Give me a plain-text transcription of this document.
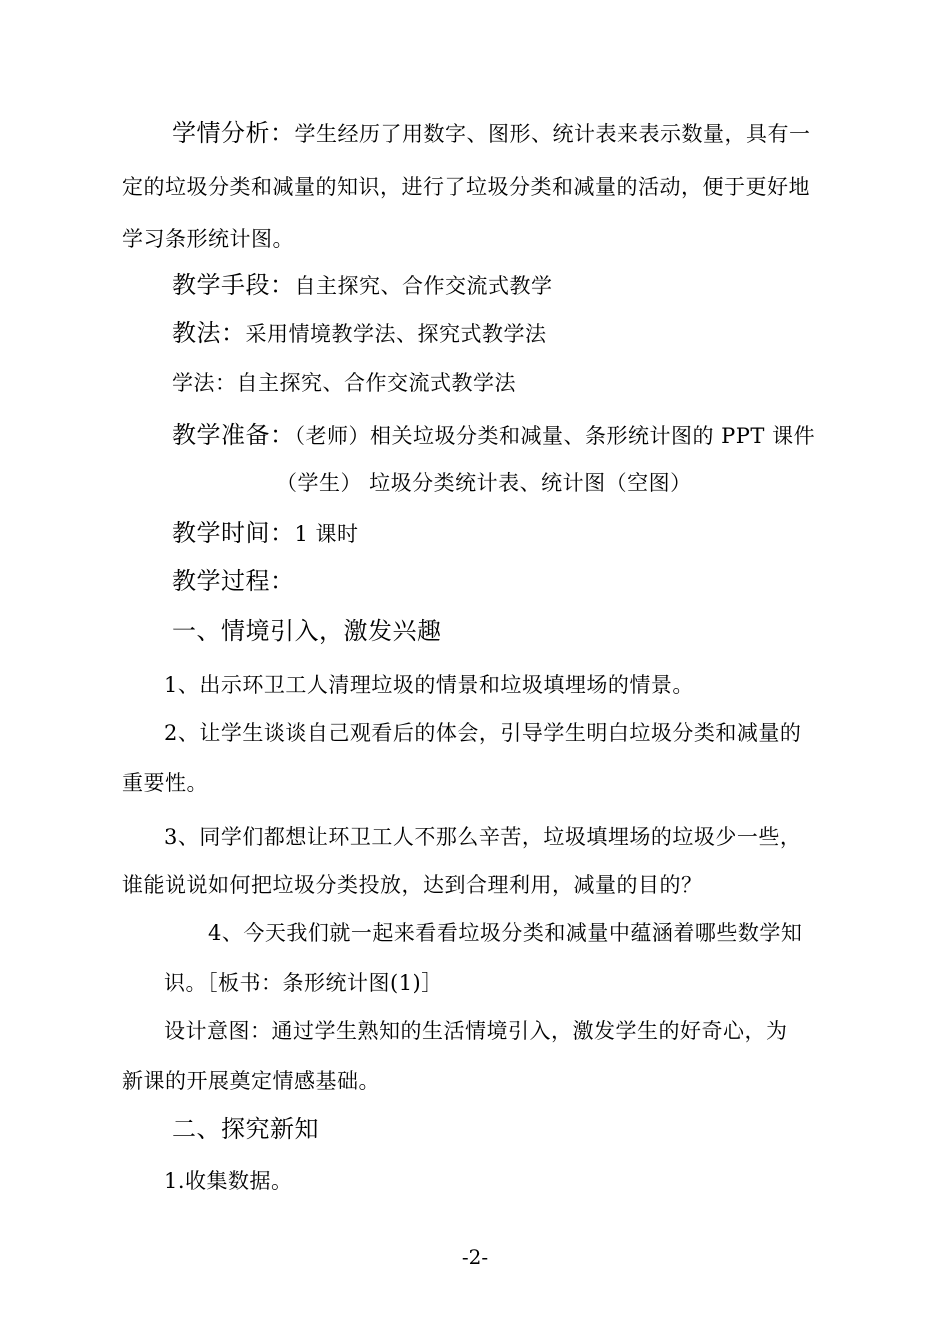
学情分析：学生经历了用数字、图形、统计表来表示数量，具有一
定的垃圾分类和减量的知识，进行了垃圾分类和减量的活动，便于更好地
学习条形统计图。
教学手段：自主探究、合作交流式教学
教法：采用情境教学法、探究式教学法
学法：自主探究、合作交流式教学法
教学准备：（老师）相关垃圾分类和减量、条形统计图的 PPT 课件
（学生） 垃圾分类统计表、统计图（空图）
教学时间：1 课时
教学过程：
一、情境引入，激发兴趣
1、出示环卫工人清理垃圾的情景和垃圾填埋场的情景。
2、让学生谈谈自己观看后的体会，引导学生明白垃圾分类和减量的
重要性。
3、同学们都想让环卫工人不那么辛苦，垃圾填埋场的垃圾少一些，
谁能说说如何把垃圾分类投放，达到合理利用，减量的目的？
4、今天我们就一起来看看垃圾分类和减量中蕴涵着哪些数学知
识。［板书：条形统计图(1)］
设计意图：通过学生熟知的生活情境引入，激发学生的好奇心，为
新课的开展奠定情感基础。
二、探究新知
1.收集数据。
-2-
